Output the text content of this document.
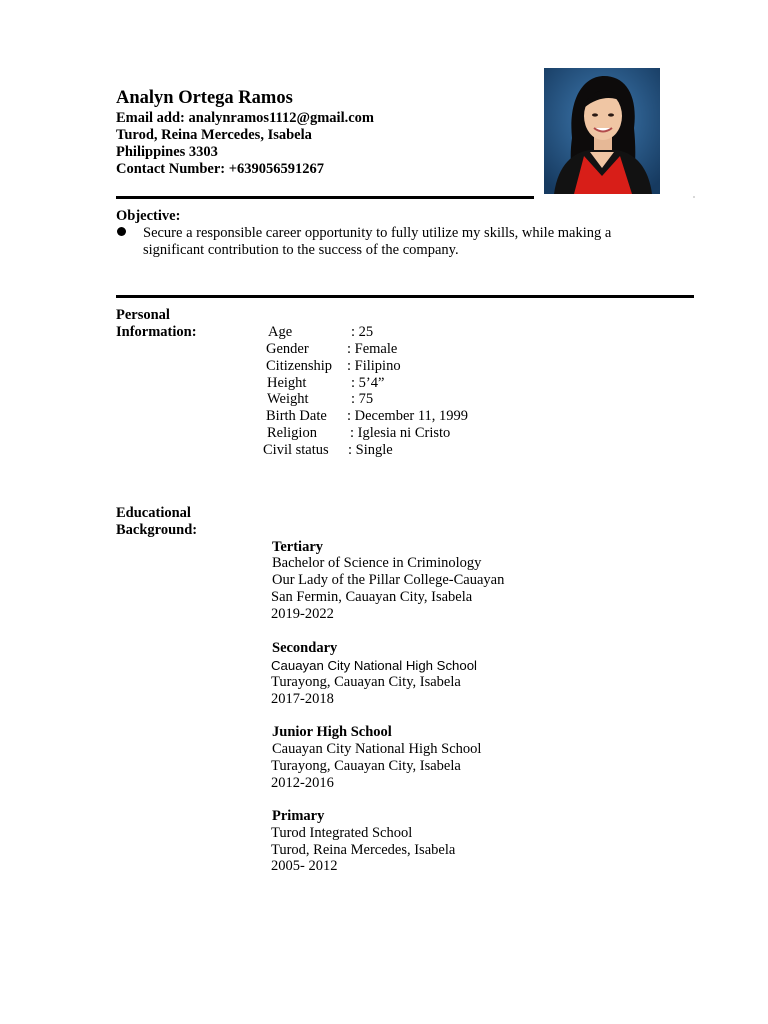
Analyn Ortega Ramos
Email add: analynramos1112@gmail.com
Turod, Reina Mercedes, Isabela
Philippines 3303
Contact Number: +639056591267
Objective:
Secure a responsible career opportunity to fully utilize my skills, while making a
significant contribution to the success of the company.
Personal
Information:	Age	: 25
Gender	: Female
Citizenship : Filipino
Height	: 5’4”
Weight	: 75
Birth Date : December 11, 1999
Religion : Iglesia ni Cristo
Civil status : Single
Educational
Background:
Tertiary
Bachelor of Science in Criminology
Our Lady of the Pillar College-Cauayan
San Fermin, Cauayan City, Isabela
2019-2022
Secondary
Cauayan City National High School
Turayong, Cauayan City, Isabela
2017-2018
Junior High School
Cauayan City National High School
Turayong, Cauayan City, Isabela
2012-2016
Primary
Turod Integrated School
Turod, Reina Mercedes, Isabela
2005- 2012
